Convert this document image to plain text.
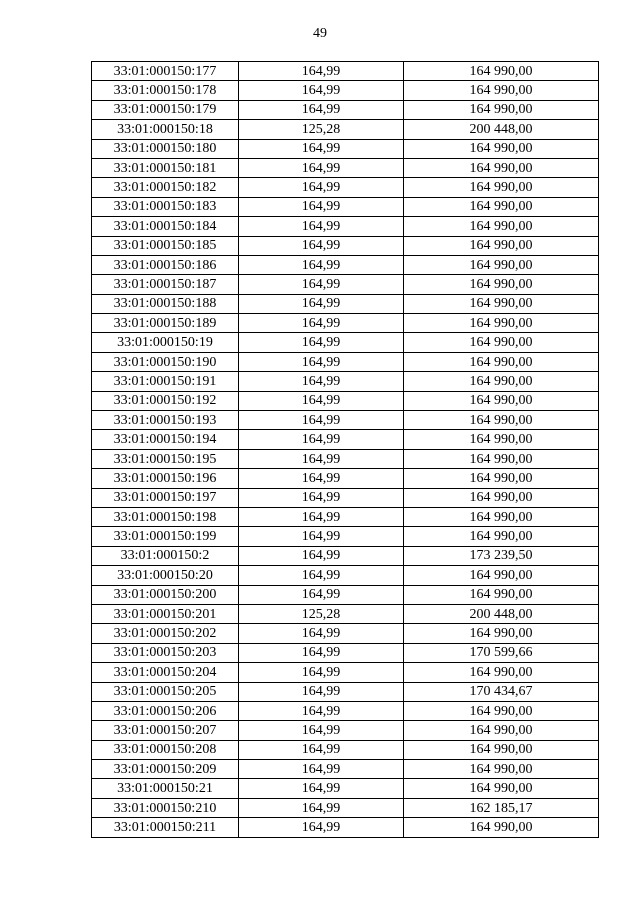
49
33:01:000150:177	164,99	164 990,00
33:01:000150:178	164,99	164 990,00
33:01:000150:179	164,99	164 990,00
33:01:000150:18	125,28	200 448,00
33:01:000150:180	164,99	164 990,00
33:01:000150:181	164,99	164 990,00
33:01:000150:182	164,99	164 990,00
33:01:000150:183	164,99	164 990,00
33:01:000150:184	164,99	164 990,00
33:01:000150:185	164,99	164 990,00
33:01:000150:186	164,99	164 990,00
33:01:000150:187	164,99	164 990,00
33:01:000150:188	164,99	164 990,00
33:01:000150:189	164,99	164 990,00
33:01:000150:19	164,99	164 990,00
33:01:000150:190	164,99	164 990,00
33:01:000150:191	164,99	164 990,00
33:01:000150:192	164,99	164 990,00
33:01:000150:193	164,99	164 990,00
33:01:000150:194	164,99	164 990,00
33:01:000150:195	164,99	164 990,00
33:01:000150:196	164,99	164 990,00
33:01:000150:197	164,99	164 990,00
33:01:000150:198	164,99	164 990,00
33:01:000150:199	164,99	164 990,00
33:01:000150:2	164,99	173 239,50
33:01:000150:20	164,99	164 990,00
33:01:000150:200	164,99	164 990,00
33:01:000150:201	125,28	200 448,00
33:01:000150:202	164,99	164 990,00
33:01:000150:203	164,99	170 599,66
33:01:000150:204	164,99	164 990,00
33:01:000150:205	164,99	170 434,67
33:01:000150:206	164,99	164 990,00
33:01:000150:207	164,99	164 990,00
33:01:000150:208	164,99	164 990,00
33:01:000150:209	164,99	164 990,00
33:01:000150:21	164,99	164 990,00
33:01:000150:210	164,99	162 185,17
33:01:000150:211	164,99	164 990,00
